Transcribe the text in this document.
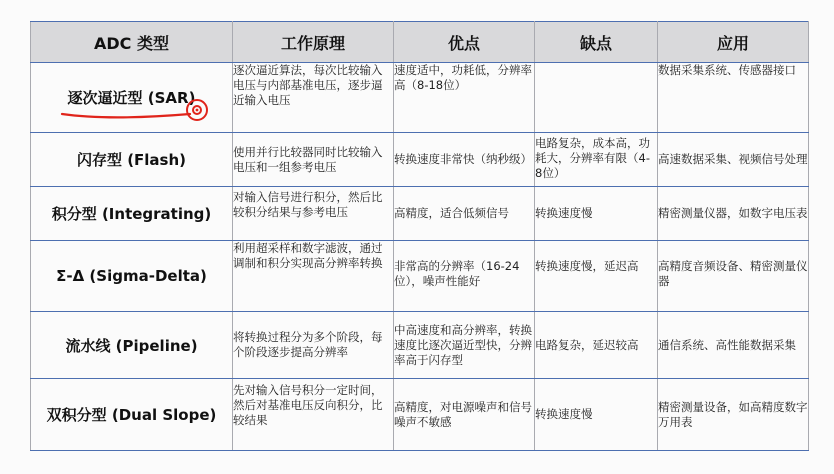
ADC 类型	工作原理	优点	缺点	应用
逐次逼近型 (SAR)	逐次逼近算法，每次比较输入电压与内部基准电压，逐步逼近输入电压	速度适中，功耗低，分辨率高（8-18位）		数据采集系统、传感器接口
闪存型 (Flash)	使用并行比较器同时比较输入电压和一组参考电压	转换速度非常快（纳秒级）	电路复杂，成本高，功耗大，分辨率有限（4-8位）	高速数据采集、视频信号处理
积分型 (Integrating)	对输入信号进行积分，然后比较积分结果与参考电压	高精度，适合低频信号	转换速度慢	精密测量仪器，如数字电压表
Σ-Δ (Sigma-Delta)	利用超采样和数字滤波，通过调制和积分实现高分辨率转换	非常高的分辨率（16-24位），噪声性能好	转换速度慢，延迟高	高精度音频设备、精密测量仪器
流水线 (Pipeline)	将转换过程分为多个阶段，每个阶段逐步提高分辨率	中高速度和高分辨率，转换速度比逐次逼近型快，分辨率高于闪存型	电路复杂，延迟较高	通信系统、高性能数据采集
双积分型 (Dual Slope)	先对输入信号积分一定时间，然后对基准电压反向积分，比较结果	高精度，对电源噪声和信号噪声不敏感	转换速度慢	精密测量设备，如高精度数字万用表
